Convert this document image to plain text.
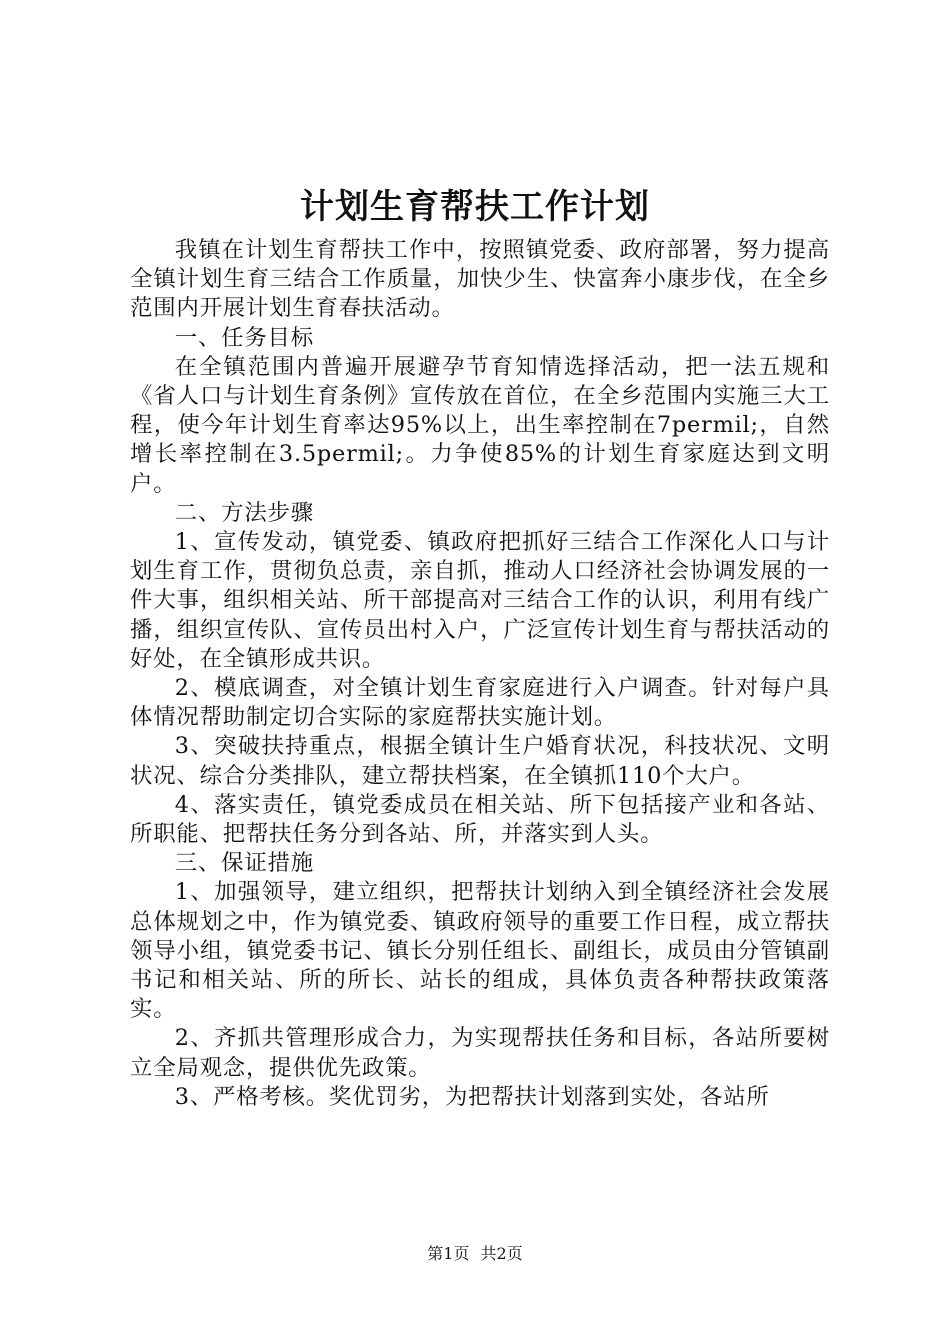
计划生育帮扶工作计划

我镇在计划生育帮扶工作中，按照镇党委、政府部署，努力提高全镇计划生育三结合工作质量，加快少生、快富奔小康步伐，在全乡范围内开展计划生育春扶活动。

一、任务目标

在全镇范围内普遍开展避孕节育知情选择活动，把一法五规和《省人口与计划生育条例》宣传放在首位，在全乡范围内实施三大工程，使今年计划生育率达95%以上，出生率控制在7permil;，自然增长率控制在3.5permil;。力争使85%的计划生育家庭达到文明户。

二、方法步骤

1、宣传发动，镇党委、镇政府把抓好三结合工作深化人口与计划生育工作，贯彻负总责，亲自抓，推动人口经济社会协调发展的一件大事，组织相关站、所干部提高对三结合工作的认识，利用有线广播，组织宣传队、宣传员出村入户，广泛宣传计划生育与帮扶活动的好处，在全镇形成共识。

2、模底调查，对全镇计划生育家庭进行入户调查。针对每户具体情况帮助制定切合实际的家庭帮扶实施计划。

3、突破扶持重点，根据全镇计生户婚育状况，科技状况、文明状况、综合分类排队，建立帮扶档案，在全镇抓110个大户。

4、落实责任，镇党委成员在相关站、所下包括接产业和各站、所职能、把帮扶任务分到各站、所，并落实到人头。

三、保证措施

1、加强领导，建立组织，把帮扶计划纳入到全镇经济社会发展总体规划之中，作为镇党委、镇政府领导的重要工作日程，成立帮扶领导小组，镇党委书记、镇长分别任组长、副组长，成员由分管镇副书记和相关站、所的所长、站长的组成，具体负责各种帮扶政策落实。

2、齐抓共管理形成合力，为实现帮扶任务和目标，各站所要树立全局观念，提供优先政策。

3、严格考核。奖优罚劣，为把帮扶计划落到实处，各站所

第1页 共2页
